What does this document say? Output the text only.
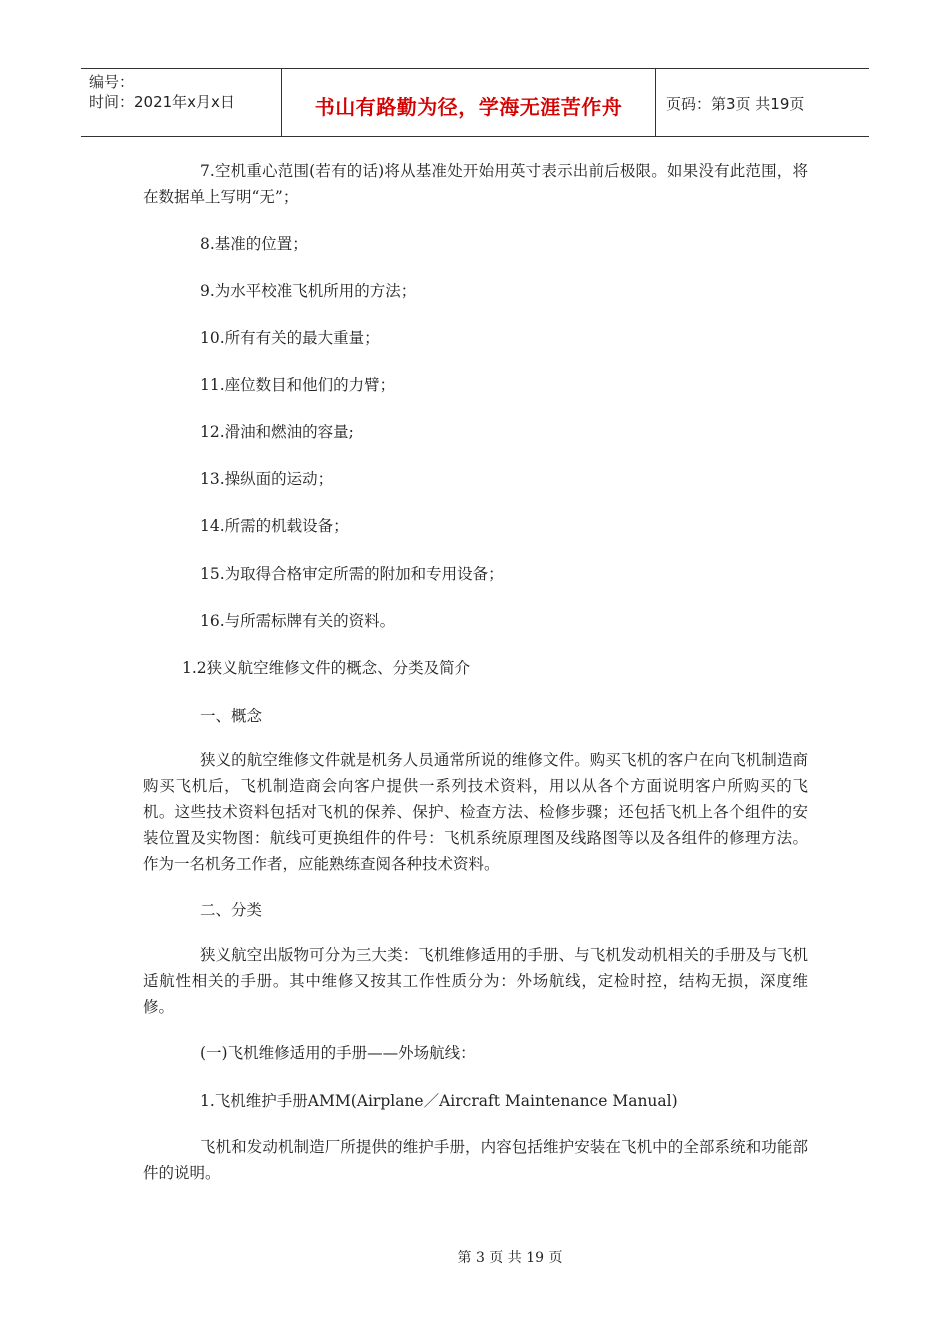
编号：
时间：2021年x月x日	书山有路勤为径，学海无涯苦作舟	页码：第3页 共19页

7.空机重心范围(若有的话)将从基准处开始用英寸表示出前后极限。如果没有此范围，将在数据单上写明“无”；

8.基准的位置；

9.为水平校准飞机所用的方法；

10.所有有关的最大重量；

11.座位数目和他们的力臂；

12.滑油和燃油的容量;

13.操纵面的运动；

14.所需的机载设备；

15.为取得合格审定所需的附加和专用设备；

16.与所需标牌有关的资料。

1.2狭义航空维修文件的概念、分类及简介

一、概念

狭义的航空维修文件就是机务人员通常所说的维修文件。购买飞机的客户在向飞机制造商购买飞机后，飞机制造商会向客户提供一系列技术资料，用以从各个方面说明客户所购买的飞机。这些技术资料包括对飞机的保养、保护、检查方法、检修步骤；还包括飞机上各个组件的安装位置及实物图：航线可更换组件的件号：飞机系统原理图及线路图等以及各组件的修理方法。作为一名机务工作者，应能熟练查阅各种技术资料。

二、分类

狭义航空出版物可分为三大类：飞机维修适用的手册、与飞机发动机相关的手册及与飞机适航性相关的手册。其中维修又按其工作性质分为：外场航线，定检时控，结构无损，深度维修。

(一)飞机维修适用的手册——外场航线：

1.飞机维护手册AMM(Airplane／Aircraft Maintenance Manual)

飞机和发动机制造厂所提供的维护手册，内容包括维护安装在飞机中的全部系统和功能部件的说明。

第 3 页 共 19 页
